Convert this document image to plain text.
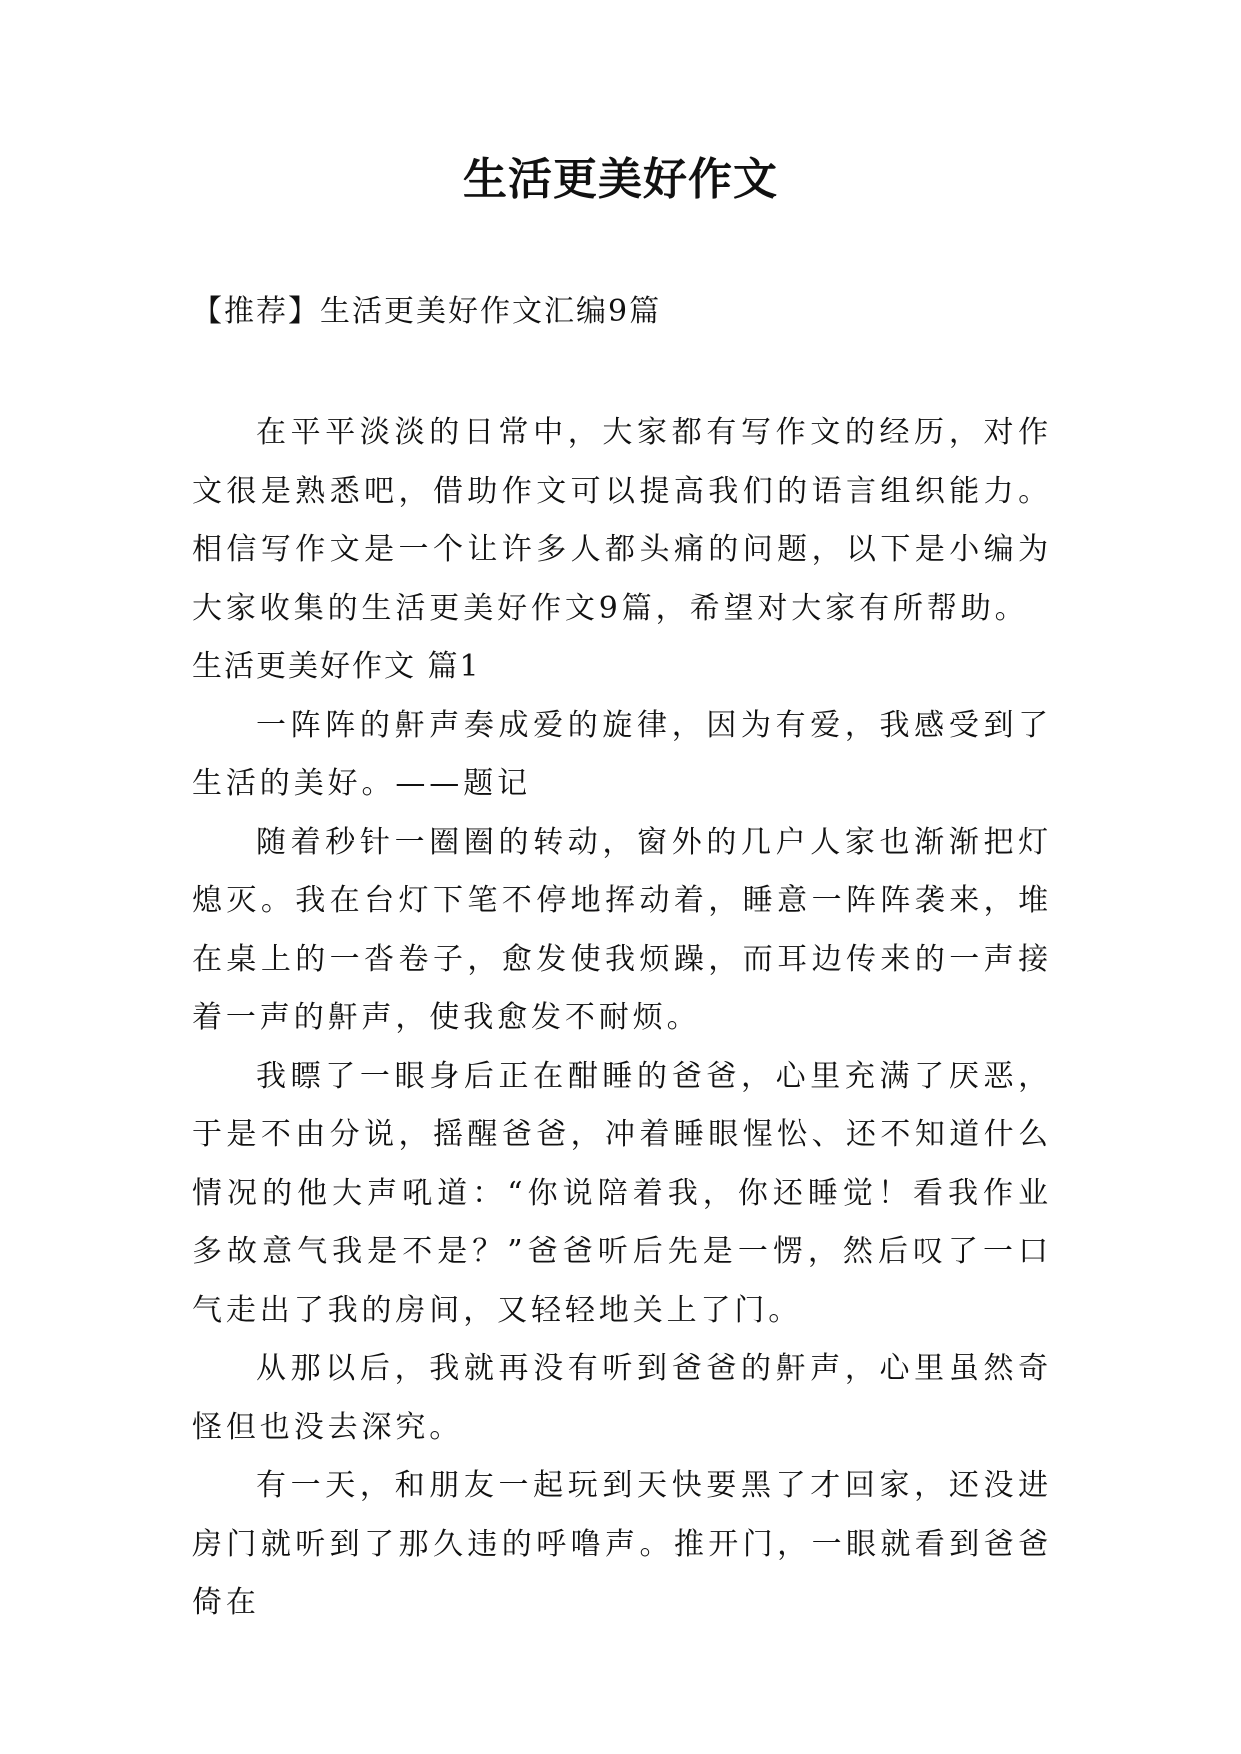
生活更美好作文
【推荐】生活更美好作文汇编9篇

在平平淡淡的日常中，大家都有写作文的经历，对作文很是熟悉吧，借助作文可以提高我们的语言组织能力。相信写作文是一个让许多人都头痛的问题，以下是小编为大家收集的生活更美好作文9篇，希望对大家有所帮助。

生活更美好作文 篇1

一阵阵的鼾声奏成爱的旋律，因为有爱，我感受到了生活的美好。——题记

随着秒针一圈圈的转动，窗外的几户人家也渐渐把灯熄灭。我在台灯下笔不停地挥动着，睡意一阵阵袭来，堆在桌上的一沓卷子，愈发使我烦躁，而耳边传来的一声接着一声的鼾声，使我愈发不耐烦。

我瞟了一眼身后正在酣睡的爸爸，心里充满了厌恶，于是不由分说，摇醒爸爸，冲着睡眼惺忪、还不知道什么情况的他大声吼道：“你说陪着我，你还睡觉！看我作业多故意气我是不是？”爸爸听后先是一愣，然后叹了一口气走出了我的房间，又轻轻地关上了门。

从那以后，我就再没有听到爸爸的鼾声，心里虽然奇怪但也没去深究。

有一天，和朋友一起玩到天快要黑了才回家，还没进房门就听到了那久违的呼噜声。推开门，一眼就看到爸爸倚在
